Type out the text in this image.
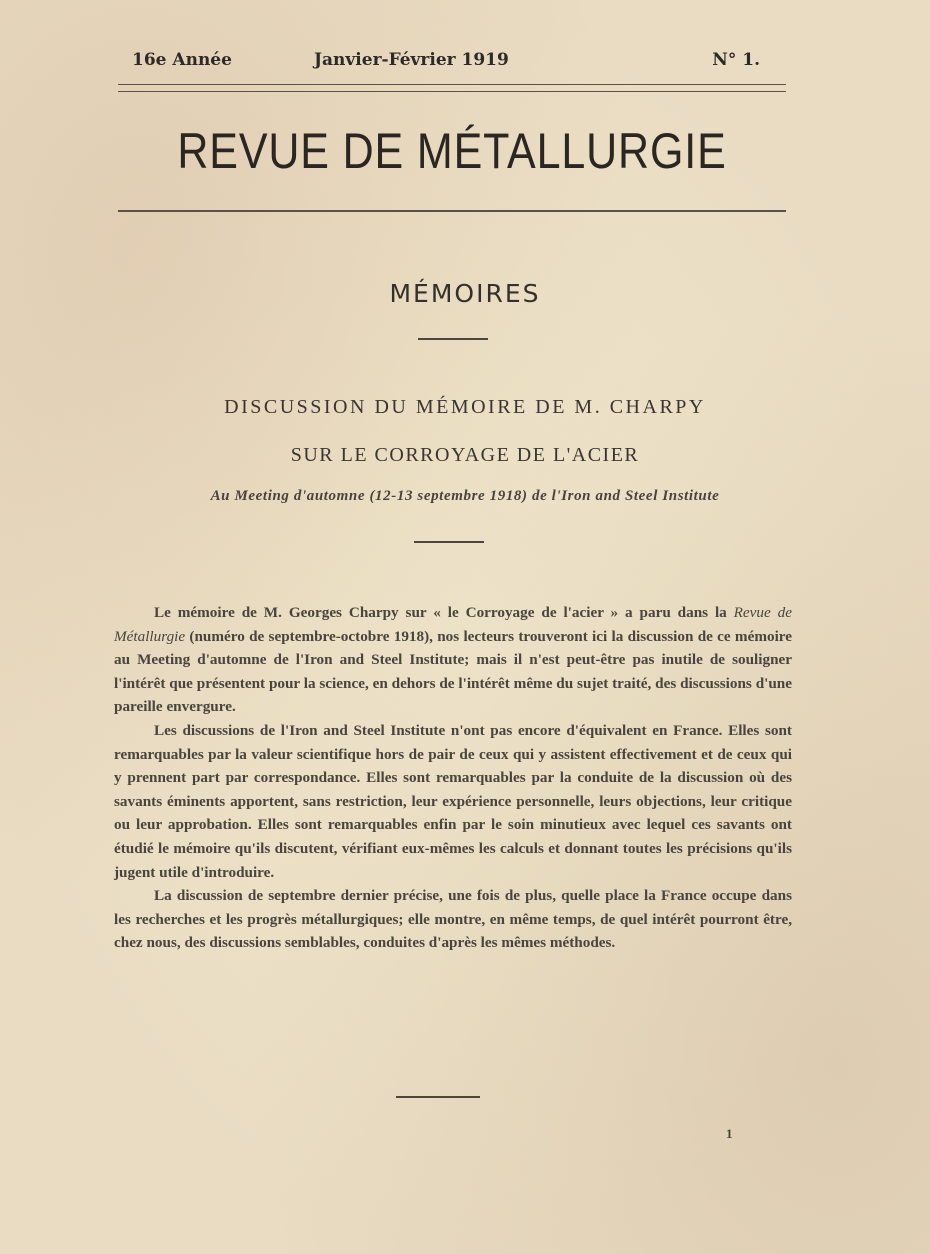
16e Année	Janvier-Février 1919	N° 1.
REVUE DE MÉTALLURGIE
MÉMOIRES
DISCUSSION DU MÉMOIRE DE M. CHARPY
SUR LE CORROYAGE DE L'ACIER
Au Meeting d'automne (12-13 septembre 1918) de l'Iron and Steel Institute

Le mémoire de M. Georges Charpy sur « le Corroyage de l'acier » a paru dans la Revue de Métallurgie (numéro de septembre-octobre 1918), nos lecteurs trouveront ici la discussion de ce mémoire au Meeting d'automne de l'Iron and Steel Institute; mais il n'est peut-être pas inutile de souligner l'intérêt que présentent pour la science, en dehors de l'intérêt même du sujet traité, des discussions d'une pareille envergure.

Les discussions de l'Iron and Steel Institute n'ont pas encore d'équivalent en France. Elles sont remarquables par la valeur scientifique hors de pair de ceux qui y assistent effectivement et de ceux qui y prennent part par correspondance. Elles sont remarquables par la conduite de la discussion où des savants éminents apportent, sans restriction, leur expérience personnelle, leurs objections, leur critique ou leur approbation. Elles sont remarquables enfin par le soin minutieux avec lequel ces savants ont étudié le mémoire qu'ils discutent, vérifiant eux-mêmes les calculs et donnant toutes les précisions qu'ils jugent utile d'introduire.

La discussion de septembre dernier précise, une fois de plus, quelle place la France occupe dans les recherches et les progrès métallurgiques; elle montre, en même temps, de quel intérêt pourront être, chez nous, des discussions semblables, conduites d'après les mêmes méthodes.

1
